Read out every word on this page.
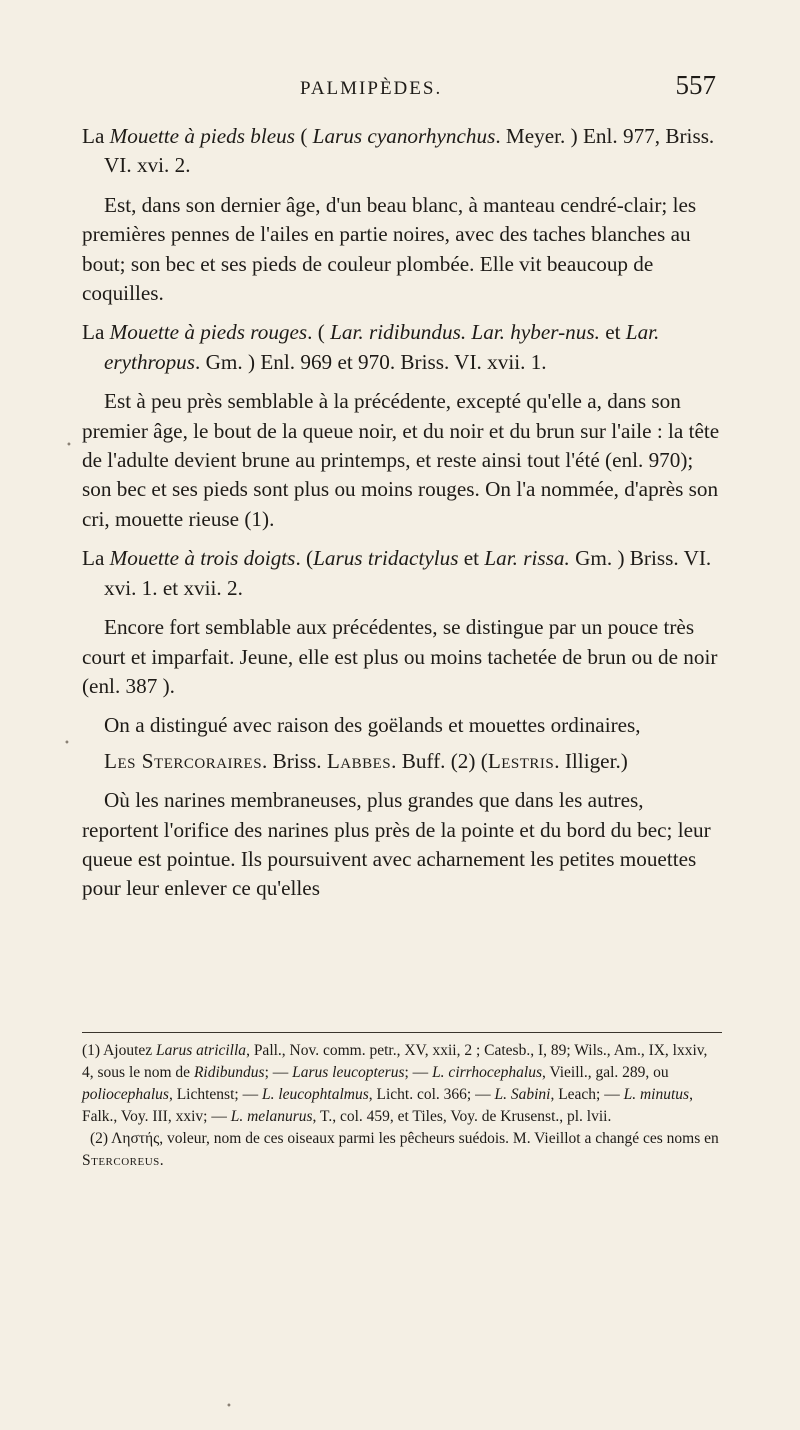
PALMIPÈDES.	557

La Mouette à pieds bleus ( Larus cyanorhynchus. Meyer. ) Enl. 977, Briss. VI. xvi. 2.

Est, dans son dernier âge, d'un beau blanc, à manteau cendré-clair; les premières pennes de l'ailes en partie noires, avec des taches blanches au bout; son bec et ses pieds de couleur plombée. Elle vit beaucoup de coquilles.

La Mouette à pieds rouges. ( Lar. ridibundus. Lar. hyber-nus. et Lar. erythropus. Gm. ) Enl. 969 et 970. Briss. VI. xvii. 1.

Est à peu près semblable à la précédente, excepté qu'elle a, dans son premier âge, le bout de la queue noir, et du noir et du brun sur l'aile : la tête de l'adulte devient brune au printemps, et reste ainsi tout l'été (enl. 970); son bec et ses pieds sont plus ou moins rouges. On l'a nommée, d'après son cri, mouette rieuse (1).

La Mouette à trois doigts. (Larus tridactylus et Lar. rissa. Gm. ) Briss. VI. xvi. 1. et xvii. 2.

Encore fort semblable aux précédentes, se distingue par un pouce très court et imparfait. Jeune, elle est plus ou moins tachetée de brun ou de noir (enl. 387 ).

On a distingué avec raison des goëlands et mouettes ordinaires,

Les Stercoraires. Briss. Labbes. Buff. (2) (Lestris. Illiger.)

Où les narines membraneuses, plus grandes que dans les autres, reportent l'orifice des narines plus près de la pointe et du bord du bec; leur queue est pointue. Ils poursuivent avec acharnement les petites mouettes pour leur enlever ce qu'elles

(1) Ajoutez Larus atricilla, Pall., Nov. comm. petr., XV, xxii, 2 ; Catesb., I, 89; Wils., Am., IX, lxxiv, 4, sous le nom de Ridibundus; — Larus leucopterus; — L. cirrhocephalus, Vieill., gal. 289, ou poliocephalus, Lichtenst; — L. leucophtalmus, Licht. col. 366; — L. Sabini, Leach; — L. minutus, Falk., Voy. III, xxiv; — L. melanurus, T., col. 459, et Tiles, Voy. de Krusenst., pl. lvii.

(2) Ληστής, voleur, nom de ces oiseaux parmi les pêcheurs suédois. M. Vieillot a changé ces noms en Stercoreus.

•
•
•
